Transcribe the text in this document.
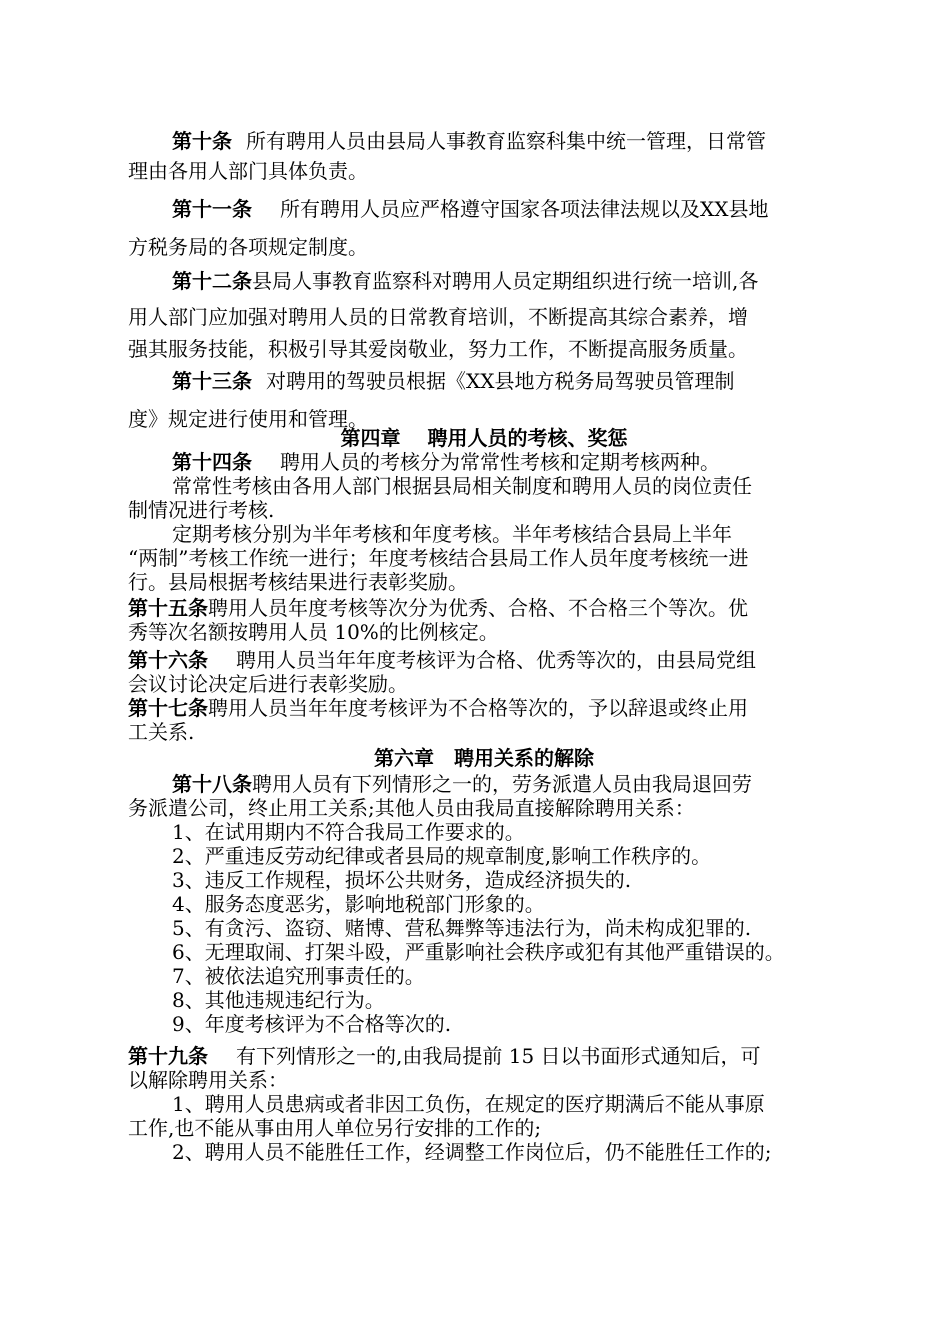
第十条 所有聘用人员由县局人事教育监察科集中统一管理，日常管
理由各用人部门具体负责。
第十一条 所有聘用人员应严格遵守国家各项法律法规以及XX县地
方税务局的各项规定制度。
第十二条县局人事教育监察科对聘用人员定期组织进行统一培训,各
用人部门应加强对聘用人员的日常教育培训，不断提高其综合素养，增
强其服务技能，积极引导其爱岗敬业，努力工作，不断提高服务质量。
第十三条 对聘用的驾驶员根据《XX县地方税务局驾驶员管理制
度》规定进行使用和管理。
第四章　 聘用人员的考核、奖惩
第十四条 聘用人员的考核分为常常性考核和定期考核两种。
常常性考核由各用人部门根据县局相关制度和聘用人员的岗位责任
制情况进行考核.
定期考核分别为半年考核和年度考核。半年考核结合县局上半年
“两制”考核工作统一进行；年度考核结合县局工作人员年度考核统一进
行。县局根据考核结果进行表彰奖励。
第十五条聘用人员年度考核等次分为优秀、合格、不合格三个等次。优
秀等次名额按聘用人员 10%的比例核定。
第十六条 聘用人员当年年度考核评为合格、优秀等次的，由县局党组
会议讨论决定后进行表彰奖励。
第十七条聘用人员当年年度考核评为不合格等次的，予以辞退或终止用
工关系.
第六章　聘用关系的解除
第十八条聘用人员有下列情形之一的，劳务派遣人员由我局退回劳
务派遣公司，终止用工关系;其他人员由我局直接解除聘用关系：
1、在试用期内不符合我局工作要求的。
2、严重违反劳动纪律或者县局的规章制度,影响工作秩序的。
3、违反工作规程，损坏公共财务，造成经济损失的.
4、服务态度恶劣，影响地税部门形象的。
5、有贪污、盗窃、赌博、营私舞弊等违法行为，尚未构成犯罪的.
6、无理取闹、打架斗殴，严重影响社会秩序或犯有其他严重错误的。
7、被依法追究刑事责任的。
8、其他违规违纪行为。
9、年度考核评为不合格等次的.
第十九条 有下列情形之一的,由我局提前 15 日以书面形式通知后，可
以解除聘用关系：
1、聘用人员患病或者非因工负伤，在规定的医疗期满后不能从事原
工作,也不能从事由用人单位另行安排的工作的;
2、聘用人员不能胜任工作，经调整工作岗位后，仍不能胜任工作的;
